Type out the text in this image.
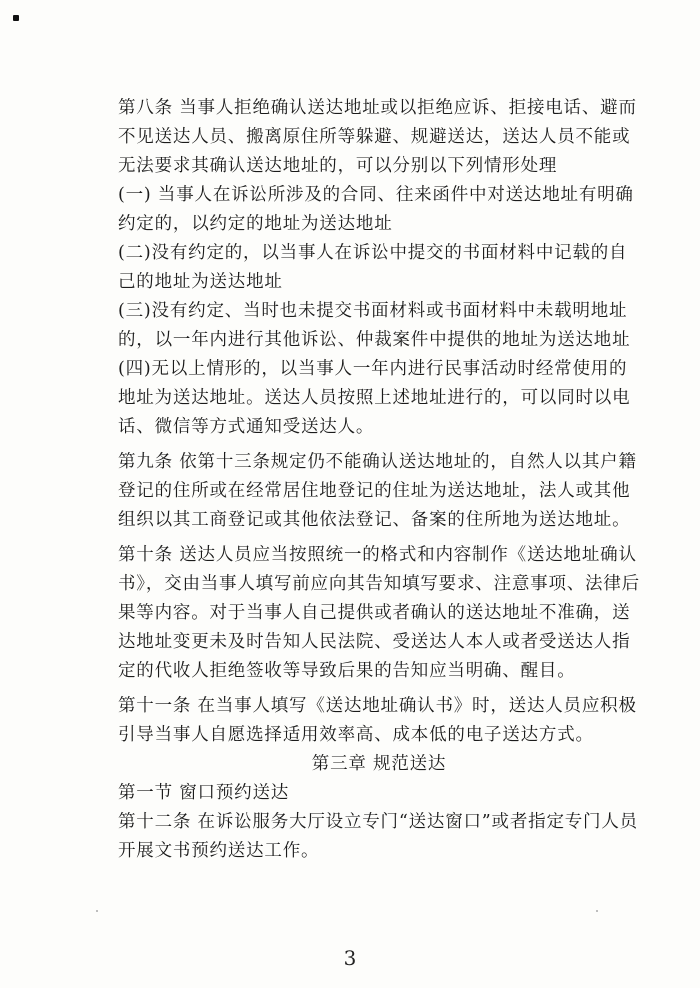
第八条 当事人拒绝确认送达地址或以拒绝应诉、拒接电话、避而不见送达人员、搬离原住所等躲避、规避送达，送达人员不能或无法要求其确认送达地址的，可以分别以下列情形处理

(一) 当事人在诉讼所涉及的合同、往来函件中对送达地址有明确约定的，以约定的地址为送达地址

(二)没有约定的，以当事人在诉讼中提交的书面材料中记载的自己的地址为送达地址

(三)没有约定、当时也未提交书面材料或书面材料中未载明地址的，以一年内进行其他诉讼、仲裁案件中提供的地址为送达地址

(四)无以上情形的，以当事人一年内进行民事活动时经常使用的地址为送达地址。送达人员按照上述地址进行的，可以同时以电话、微信等方式通知受送达人。

第九条 依第十三条规定仍不能确认送达地址的，自然人以其户籍登记的住所或在经常居住地登记的住址为送达地址，法人或其他组织以其工商登记或其他依法登记、备案的住所地为送达地址。

第十条 送达人员应当按照统一的格式和内容制作《送达地址确认书》，交由当事人填写前应向其告知填写要求、注意事项、法律后果等内容。对于当事人自己提供或者确认的送达地址不准确，送达地址变更未及时告知人民法院、受送达人本人或者受送达人指定的代收人拒绝签收等导致后果的告知应当明确、醒目。

第十一条 在当事人填写《送达地址确认书》时，送达人员应积极引导当事人自愿选择适用效率高、成本低的电子送达方式。

第三章 规范送达

第一节 窗口预约送达

第十二条 在诉讼服务大厅设立专门“送达窗口”或者指定专门人员开展文书预约送达工作。

3
